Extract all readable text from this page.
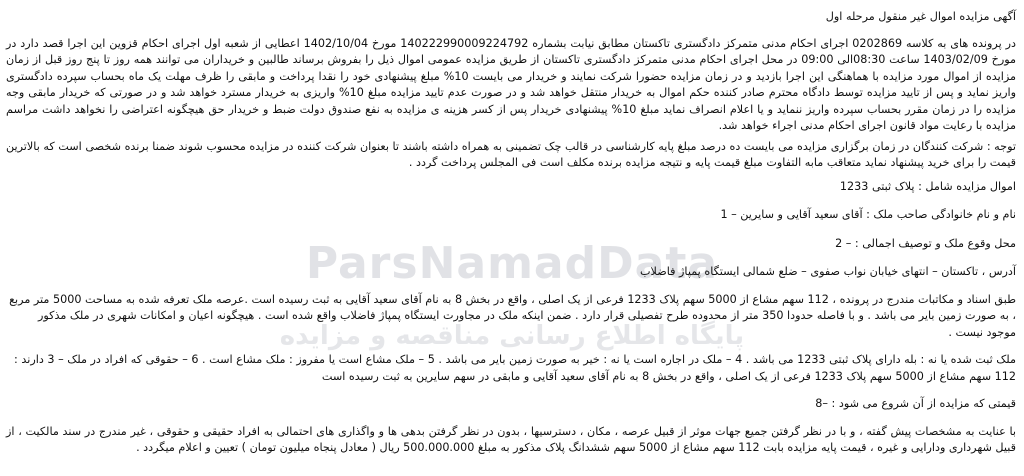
ParsNamadData
پایگاه اطلاع رسانی مناقصه و مزایده

آگهی مزایده اموال غیر منقول مرحله اول

در پرونده های به کلاسه 0202869 اجرای احکام مدنی متمرکز دادگستری تاکستان مطابق نیابت بشماره 140222990009224792 مورخ 1402/10/04 اعطایی از شعبه اول اجرای احکام قزوین این اجرا قصد دارد در مورخ 1403/02/09 ساعت 08:30الی 09:00 در محل اجرای احکام مدنی متمرکز دادگستری تاکستان از طریق مزایده عمومی اموال ذیل را بفروش برساند طالبین و خریداران می توانند همه روز تا پنج روز قبل از زمان مزایده از اموال مورد مزایده با هماهنگی این اجرا بازدید و در زمان مزایده حضورا شرکت نمایند و خریدار می بایست 10% مبلغ پیشنهادی خود را نقدا پرداخت و مابقی را ظرف مهلت یک ماه بحساب سپرده دادگستری واریز نماید و پس از تایید مزایده توسط دادگاه محترم صادر کننده حکم اموال به خریدار منتقل خواهد شد و در صورت عدم تایید مزایده مبلغ 10% واریزی به خریدار مسترد خواهد شد و در صورتی که خریدار مابقی وجه مزایده را در زمان مقرر بحساب سپرده واریز ننماید و یا اعلام انصراف نماید مبلغ 10% پیشنهادی خریدار پس از کسر هزینه ی مزایده به نفع صندوق دولت ضبط و خریدار حق هیچگونه اعتراضی را نخواهد داشت مراسم مزایده با رعایت مواد قانون اجرای احکام مدنی اجراء خواهد شد.

توجه : شرکت کنندگان در زمان برگزاری مزایده می بایست ده درصد مبلغ پایه کارشناسی در قالب چک تضمینی به همراه داشته باشند تا بعنوان شرکت کننده در مزایده محسوب شوند ضمنا برنده شخصی است که بالاترین قیمت را برای خرید پیشنهاد نماید متعاقب مابه التفاوت مبلغ قیمت پایه و نتیجه مزایده برنده مکلف است فی المجلس پرداخت گردد .

اموال مزایده شامل : پلاک ثبتی 1233

نام و نام خانوادگی صاحب ملک : آقای سعید آقایی و سایرین – 1

محل وقوع ملک و توصیف اجمالی : – 2

آدرس ، تاکستان – انتهای خیابان نواب صفوی – ضلع شمالی ایستگاه پمپاژ فاضلاب

طبق اسناد و مکاتبات مندرج در پرونده ، 112 سهم مشاع از 5000 سهم پلاک 1233 فرعی از یک اصلی ، واقع در بخش 8 به نام آقای سعید آقایی به ثبت رسیده است .عرصه ملک تعرفه شده به مساحت 5000 متر مربع ، به صورت زمین بایر می باشد . و با فاصله حدودا 350 متر از محدوده طرح تفصیلی قرار دارد . ضمن اینکه ملک در مجاورت ایستگاه پمپاژ فاضلاب واقع شده است . هیچگونه اعیان و امکانات شهری در ملک مذکور موجود نیست .

ملک ثبت شده یا نه : بله دارای پلاک ثبتی 1233 می باشد . 4 – ملک در اجاره است یا نه : خیر به صورت زمین بایر می باشد . 5 – ملک مشاع است یا مفروز : ملک مشاع است . 6 – حقوقی که افراد در ملک – 3 دارند : 112 سهم مشاع از 5000 سهم پلاک 1233 فرعی از یک اصلی ، واقع در بخش 8 به نام آقای سعید آقایی و مابقی در سهم سایرین به ثبت رسیده است

قیمتی که مزایده از آن شروع می شود : –8

با عنایت به مشخصات پیش گفته ، و با در نظر گرفتن جمیع جهات موثر از قبیل عرصه ، مکان ، دسترسیها ، بدون در نظر گرفتن بدهی ها و واگذاری های احتمالی به افراد حقیقی و حقوقی ، غیر مندرج در سند مالکیت ، از قبیل شهرداری ودارایی و غیره ، قیمت پایه مزایده بابت 112 سهم مشاع از 5000 سهم ششدانگ پلاک مذکور به مبلغ 500.000.000 ریال ( معادل پنجاه میلیون تومان ) تعیین و اعلام میگردد .
